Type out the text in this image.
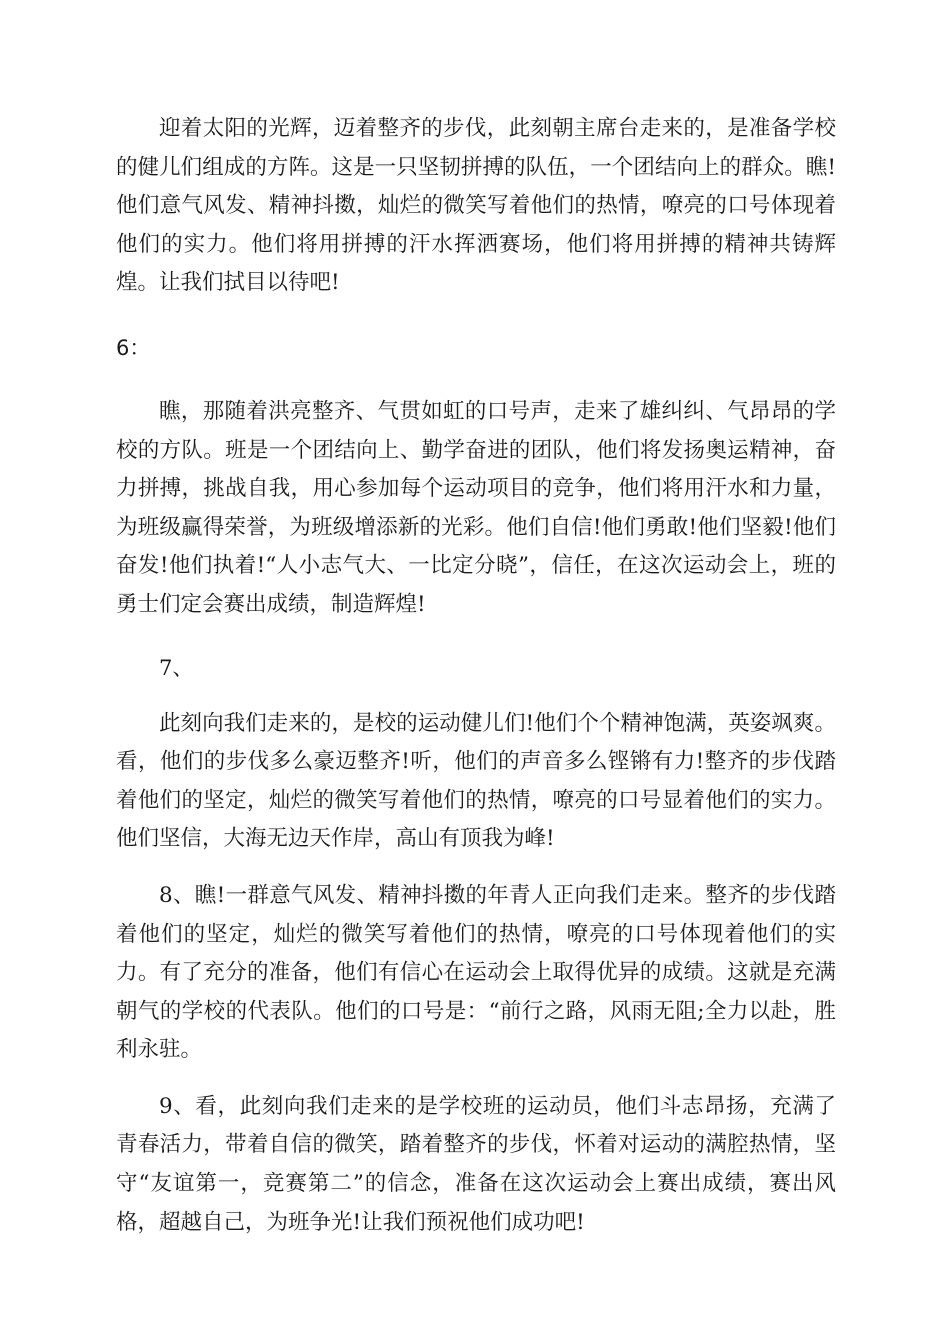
迎着太阳的光辉，迈着整齐的步伐，此刻朝主席台走来的，是准备学校的健儿们组成的方阵。这是一只坚韧拼搏的队伍，一个团结向上的群众。瞧!他们意气风发、精神抖擞，灿烂的微笑写着他们的热情，嘹亮的口号体现着他们的实力。他们将用拼搏的汗水挥洒赛场，他们将用拼搏的精神共铸辉煌。让我们拭目以待吧!

6：

瞧，那随着洪亮整齐、气贯如虹的口号声，走来了雄纠纠、气昂昂的学校的方队。班是一个团结向上、勤学奋进的团队，他们将发扬奥运精神，奋力拼搏，挑战自我，用心参加每个运动项目的竞争，他们将用汗水和力量，为班级赢得荣誉，为班级增添新的光彩。他们自信!他们勇敢!他们坚毅!他们奋发!他们执着!“人小志气大、一比定分晓”，信任，在这次运动会上，班的勇士们定会赛出成绩，制造辉煌!

7、

此刻向我们走来的，是校的运动健儿们!他们个个精神饱满，英姿飒爽。看，他们的步伐多么豪迈整齐!听，他们的声音多么铿锵有力!整齐的步伐踏着他们的坚定，灿烂的微笑写着他们的热情，嘹亮的口号显着他们的实力。他们坚信，大海无边天作岸，高山有顶我为峰!

8、瞧!一群意气风发、精神抖擞的年青人正向我们走来。整齐的步伐踏着他们的坚定，灿烂的微笑写着他们的热情，嘹亮的口号体现着他们的实力。有了充分的准备，他们有信心在运动会上取得优异的成绩。这就是充满朝气的学校的代表队。他们的口号是：“前行之路，风雨无阻;全力以赴，胜利永驻。

9、看，此刻向我们走来的是学校班的运动员，他们斗志昂扬，充满了青春活力，带着自信的微笑，踏着整齐的步伐，怀着对运动的满腔热情，坚守“友谊第一，竞赛第二”的信念，准备在这次运动会上赛出成绩，赛出风格，超越自己，为班争光!让我们预祝他们成功吧!
